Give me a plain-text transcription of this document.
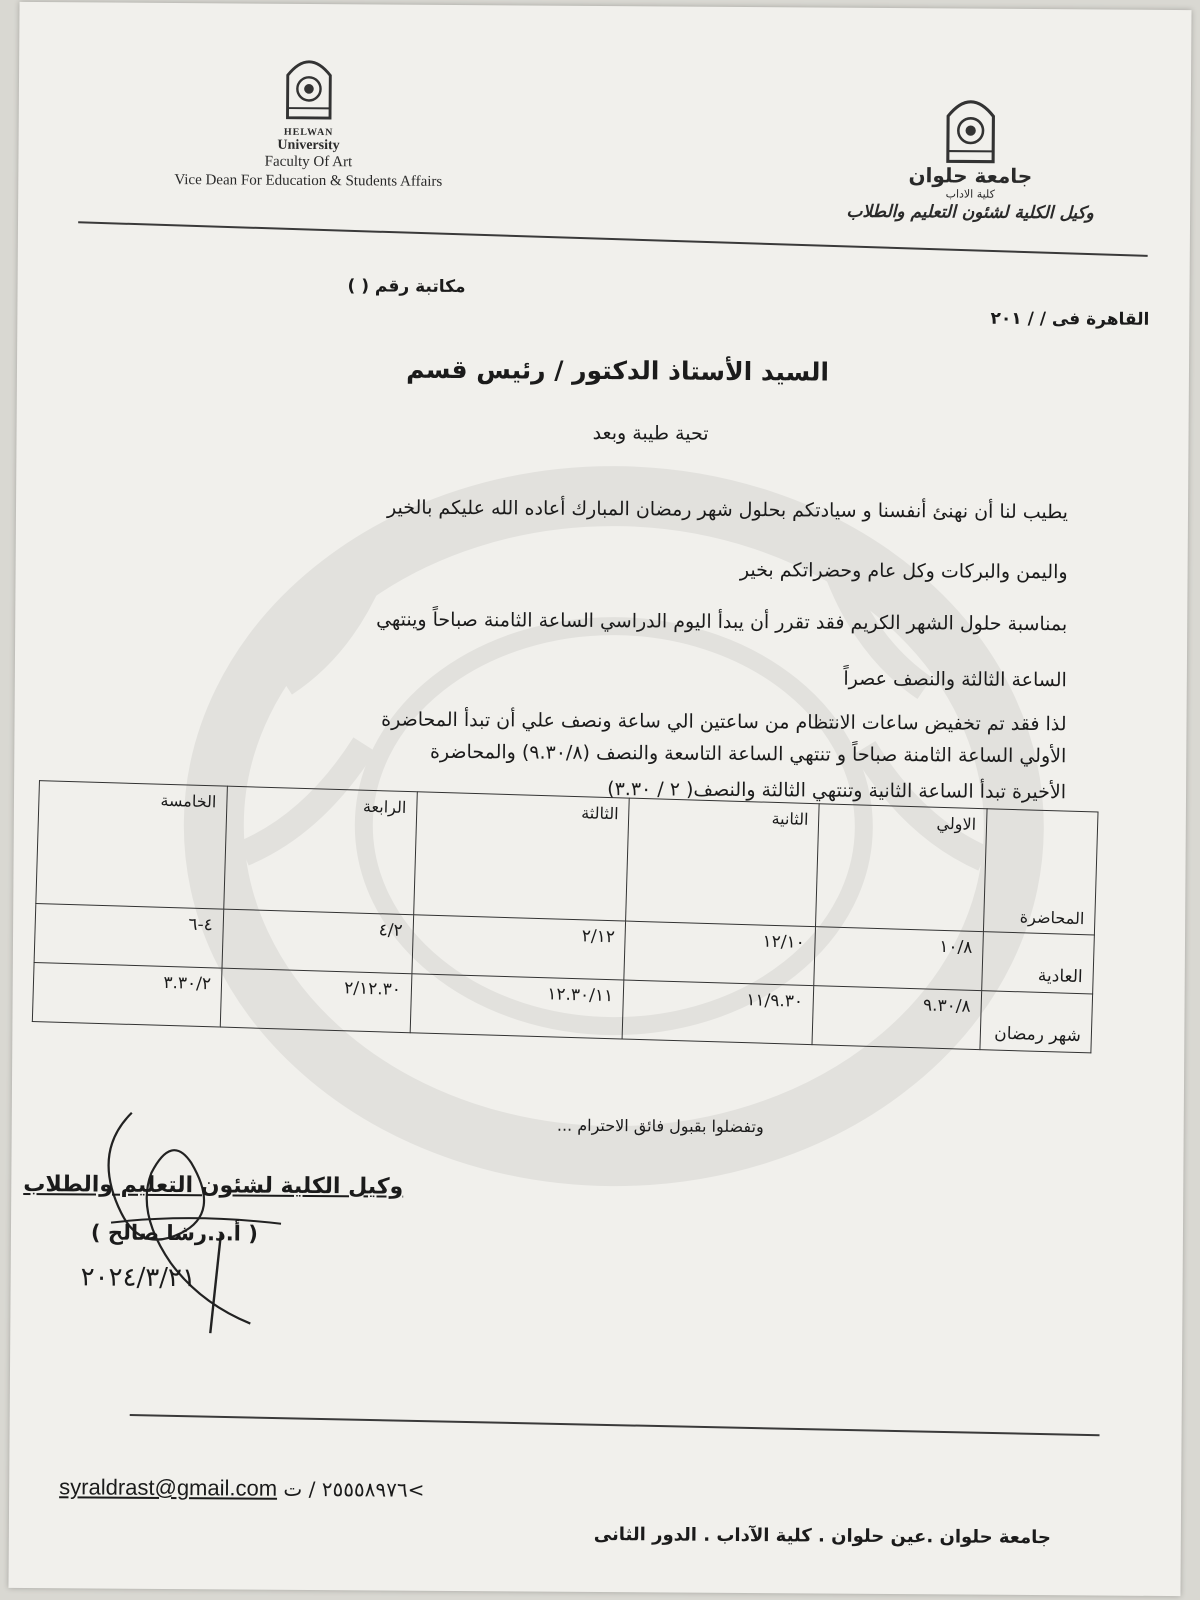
HELWAN
University
Faculty Of Art
Vice Dean For Education & Students Affairs	جامعة حلوان
كلية الاداب
وكيل الكلية لشئون التعليم والطلاب
مكاتبة رقم ( )
القاهرة فى / / ٢٠١
السيد الأستاذ الدكتور / رئيس قسم
تحية طيبة وبعد
يطيب لنا أن نهنئ أنفسنا و سيادتكم بحلول شهر رمضان المبارك أعاده الله عليكم بالخير
واليمن والبركات وكل عام وحضراتكم بخير
بمناسبة حلول الشهر الكريم فقد تقرر أن يبدأ اليوم الدراسي الساعة الثامنة صباحاً وينتهي
الساعة الثالثة والنصف عصراً
لذا فقد تم تخفيض ساعات الانتظام من ساعتين الي ساعة ونصف علي أن تبدأ المحاضرة
الأولي الساعة الثامنة صباحاً و تنتهي الساعة التاسعة والنصف (٩.٣٠/٨) والمحاضرة
الأخيرة تبدأ الساعة الثانية وتنتهي الثالثة والنصف( ٢ / ٣.٣٠)
المحاضرة	الاولي	الثانية	الثالثة	الرابعة	الخامسة
العادية	١٠/٨	١٢/١٠	٢/١٢	٤/٢	٤-٦
شهر رمضان	٩.٣٠/٨	١١/٩.٣٠	١٢.٣٠/١١	٢/١٢.٣٠	٣.٣٠/٢
وتفضلوا بقبول فائق الاحترام ...
وكيل الكلية لشئون التعليم والطلاب
( أ.د.رشا صالح )
٢٠٢٤/٣/٢١
syraldrast@gmail.com >٢٥٥٥٨٩٧٦ / ت
جامعة حلوان .عين حلوان . كلية الآداب . الدور الثانى
